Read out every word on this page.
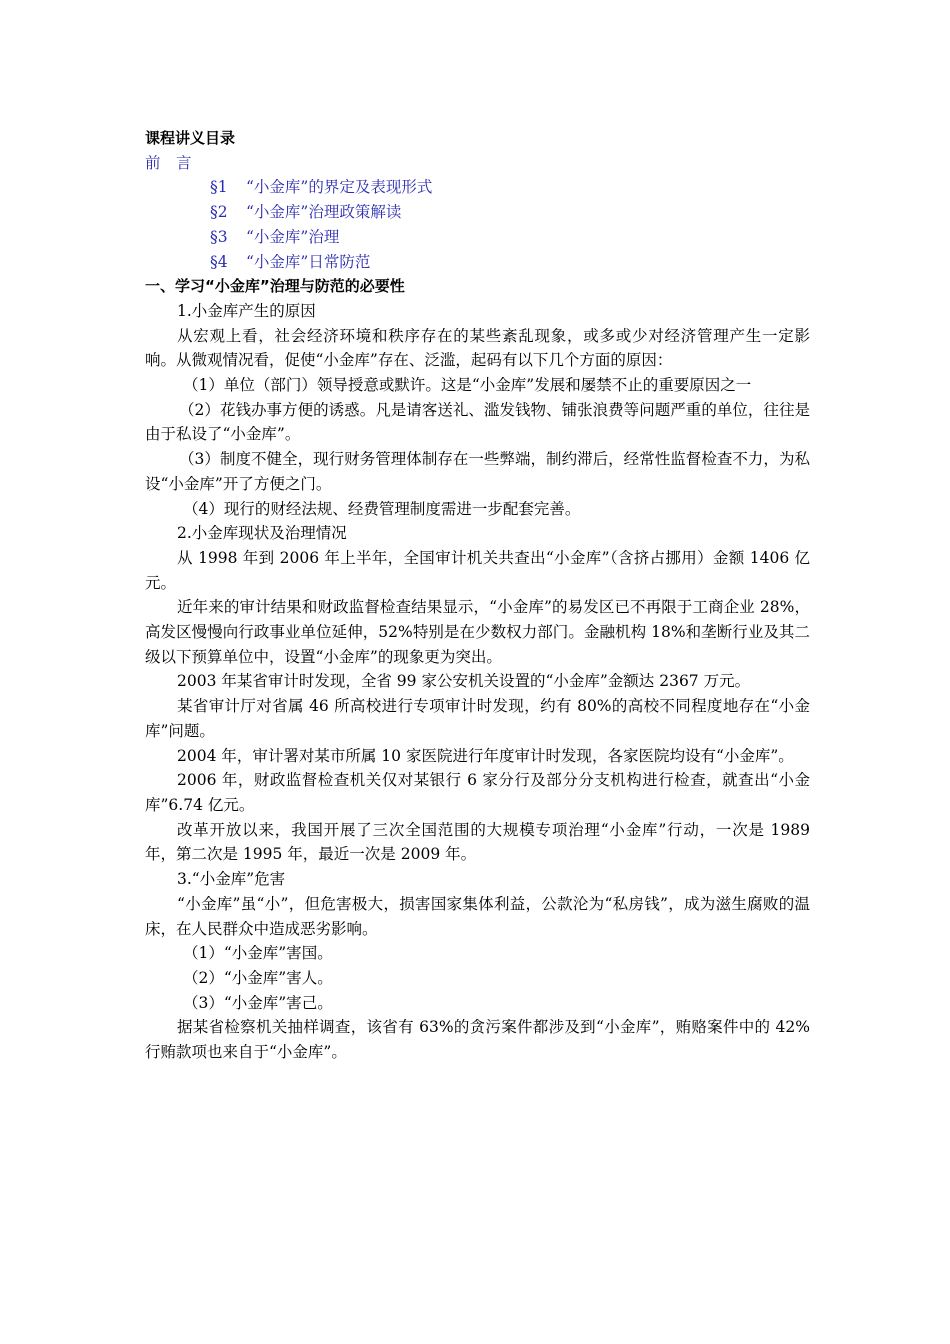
课程讲义目录
前　言
§1 “小金库”的界定及表现形式
§2 “小金库”治理政策解读
§3 “小金库”治理
§4 “小金库”日常防范
一、学习“小金库”治理与防范的必要性
1.小金库产生的原因
从宏观上看，社会经济环境和秩序存在的某些紊乱现象，或多或少对经济管理产生一定影响。从微观情况看，促使“小金库”存在、泛滥，起码有以下几个方面的原因：
（1）单位（部门）领导授意或默许。这是“小金库”发展和屡禁不止的重要原因之一
（2）花钱办事方便的诱惑。凡是请客送礼、滥发钱物、铺张浪费等问题严重的单位，往往是由于私设了“小金库”。
（3）制度不健全，现行财务管理体制存在一些弊端，制约滞后，经常性监督检查不力，为私设“小金库”开了方便之门。
（4）现行的财经法规、经费管理制度需进一步配套完善。
2.小金库现状及治理情况
从 1998 年到 2006 年上半年，全国审计机关共查出“小金库”（含挤占挪用）金额 1406 亿元。
近年来的审计结果和财政监督检查结果显示，“小金库”的易发区已不再限于工商企业 28%，高发区慢慢向行政事业单位延伸，52%特别是在少数权力部门。金融机构 18%和垄断行业及其二级以下预算单位中，设置“小金库”的现象更为突出。
2003 年某省审计时发现，全省 99 家公安机关设置的“小金库”金额达 2367 万元。
某省审计厅对省属 46 所高校进行专项审计时发现，约有 80%的高校不同程度地存在“小金库”问题。
2004 年，审计署对某市所属 10 家医院进行年度审计时发现，各家医院均设有“小金库”。
2006 年，财政监督检查机关仅对某银行 6 家分行及部分分支机构进行检查，就查出“小金库”6.74 亿元。
改革开放以来，我国开展了三次全国范围的大规模专项治理“小金库”行动，一次是 1989 年，第二次是 1995 年，最近一次是 2009 年。
3.“小金库”危害
“小金库”虽“小”，但危害极大，损害国家集体利益，公款沦为“私房钱”，成为滋生腐败的温床，在人民群众中造成恶劣影响。
（1）“小金库”害国。
（2）“小金库”害人。
（3）“小金库”害己。
据某省检察机关抽样调查，该省有 63%的贪污案件都涉及到“小金库”，贿赂案件中的 42%行贿款项也来自于“小金库”。
